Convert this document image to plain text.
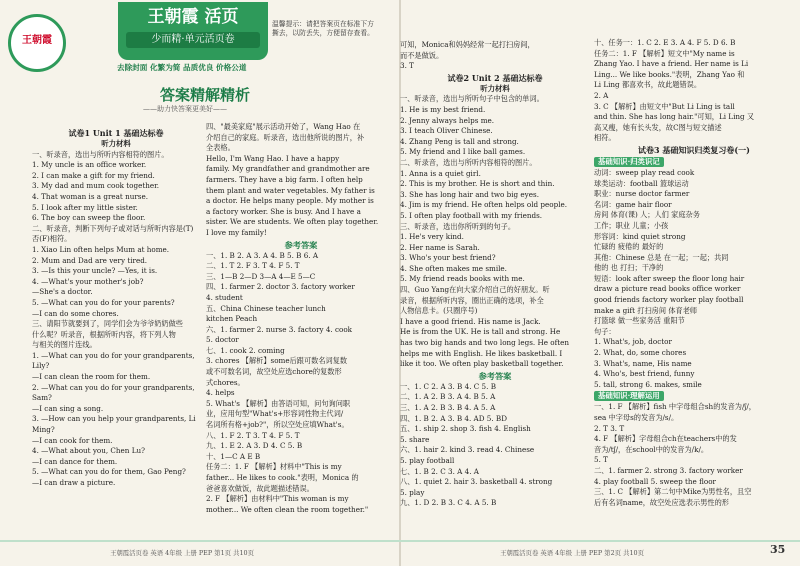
王朝霞
王朝霞 活页
少而精·单元活页卷
去除封面 化繁为简 品质优良 价格公道
温馨提示：请把答案页在标准下方撕去，以防丢失，方便留存查看。
答案精解精析
——助力快答案更美好——

试卷1 Unit 1 基础达标卷

听力材料

一、听录音，选出与所听内容相符的图片。

1. My uncle is an office worker.

2. I can make a gift for my friend.

3. My dad and mum cook together.

4. That woman is a great nurse.

5. I look after my little sister.

6. The boy can sweep the floor.

二、听录音，判断下列句子或对话与所听内容是(T)

否(F)相符。

1. Xiao Lin often helps Mum at home.

2. Mum and Dad are very tired.

3. —Is this your uncle? —Yes, it is.

4. —What's your mother's job?

—She's a doctor.

5. —What can you do for your parents?

—I can do some chores.

三、请阳节就要到了，同学们会为爷爷奶奶做些

什么呢？听录音，根据所听内容，将下列人物

与相关的图片连线。

1. —What can you do for your grandparents,

Lily?

—I can clean the room for them.

2. —What can you do for your grandparents,

Sam?

—I can sing a song.

3. —How can you help your grandparents, Li

Ming?

—I can cook for them.

4. —What about you, Chen Lu?

—I can dance for them.

5. —What can you do for them, Gao Peng?

—I can draw a picture.

四、"最美家庭"展示活动开始了，Wang Hao 在

介绍自己的家庭。听录音，选出他所说的图片，补

全表格。

Hello, I'm Wang Hao. I have a happy

family. My grandfather and grandmother are

farmers. They have a big farm. I often help

them plant and water vegetables. My father is

a doctor. He helps many people. My mother is

a factory worker. She is busy. And I have a

sister. We are students. We often play together.

I love my family!

参考答案

一、1. B 2. A 3. A 4. B 5. B 6. A

二、1. T 2. F 3. T 4. F 5. T

三、1—B 2—D 3—A 4—E 5—C

四、1. farmer 2. doctor 3. factory worker

4. student

五、China Chinese teacher lunch

kitchen Peach

六、1. farmer 2. nurse 3. factory 4. cook

5. doctor

七、1. cook 2. coming

3. chores 【解析】some后跟可数名词复数

或不可数名词，故空处应选chore的复数形

式chores。

4. helps

5. What's 【解析】由答语可知，问句询问职

业，应用句型"What's+形容词性物主代词/

名词所有格+job?"，所以空处应填What's。

八、1. F 2. T 3. T 4. F 5. T

九、1. E 2. A 3. D 4. C 5. B

十、1—C A E B

任务二：1. F 【解析】材料中"This is my

father... He likes to cook."表明，Monica 的

爸爸喜欢做饭，故此题描述错误。

2. F 【解析】由材料中"This woman is my

mother... We often clean the room together."

可知，Monica和妈妈经常一起打扫房间，

而不是做饭。

3. T

试卷2 Unit 2 基础达标卷

听力材料

一、听录音，选出与所听句子中包含的单词。

1. He is my best friend.

2. Jenny always helps me.

3. I teach Oliver Chinese.

4. Zhang Peng is tall and strong.

5. My friend and I like ball games.

二、听录音，选出与所听内容相符的图片。

1. Anna is a quiet girl.

2. This is my brother. He is short and thin.

3. She has long hair and two big eyes.

4. Jim is my friend. He often helps old people.

5. I often play football with my friends.

三、听录音，选出你所听到的句子。

1. He's very kind.

2. Her name is Sarah.

3. Who's your best friend?

4. She often makes me smile.

5. My friend reads books with me.

四、Guo Yang在向大家介绍自己的好朋友。听

录音，根据所听内容，圈出正确的选项，补全

人物信息卡。(只圈序号)

I have a good friend. His name is Jack.

He is from the UK. He is tall and strong. He

has two big hands and two long legs. He often

helps me with English. He likes basketball. I

like it too. We often play basketball together.

参考答案

一、1. C 2. A 3. B 4. C 5. B

二、1. A 2. B 3. A 4. B 5. A

三、1. A 2. B 3. B 4. A 5. A

四、1. B 2. A 3. B 4. AD 5. BD

五、1. ship 2. shop 3. fish 4. English

5. share

六、1. hair 2. kind 3. read 4. Chinese

5. play football

七、1. B 2. C 3. A 4. A

八、1. quiet 2. hair 3. basketball 4. strong

5. play

九、1. D 2. B 3. C 4. A 5. B

十、任务一：1. C 2. E 3. A 4. F 5. D 6. B

任务二：1. F 【解析】短文中"My name is

Zhang Yao. I have a friend. Her name is Li

Ling... We like books."表明，Zhang Yao 和

Li Ling 都喜欢书，故此题错误。

2. A

3. C 【解析】由短文中"But Li Ling is tall

and thin. She has long hair."可知，Li Ling 又

高又瘦，她有长头发，故C图与短文描述

相符。

试卷3 基础知识归类复习卷(一)

基础知识·归类识记

动词：sweep play read cook

球类运动：football 篮球运动

职业：nurse doctor farmer

名词：game hair floor

房间 体育(课) 人；人们 家庭杂务

工作；职业 儿童；小孩

形容词：kind quiet strong

忙碌的 疲倦的 最好的

其他：Chinese 总是 在一起；一起；共同

他的 也 打扫；干净的

短语：look after sweep the floor long hair

draw a picture read books office worker

good friends factory worker play football

make a gift 打扫房间 体育老师

打篮球 做一些家务活 重阳节

句子：

1. What's, job, doctor

2. What, do, some chores

3. What's, name, His name

4. Who's, best friend, funny

5. tall, strong 6. makes, smile

基础知识·理解运用

一、1. F 【解析】fish 中字母组合sh的发音为/ʃ/，

sea 中字母s的发音为/s/。

2. T 3. T

4. F 【解析】字母组合ch在teachers中的发

音为/tʃ/，在school中的发音为/k/。

5. T

二、1. farmer 2. strong 3. factory worker

4. play football 5. sweep the floor

三、1. C 【解析】第二句中Mike为男性名，且空

后有名词name，故空处应选表示男性的形

王朝霞活页卷 英语 4年级 上册 PEP 第1页 共10页	王朝霞活页卷 英语 4年级 上册 PEP 第2页 共10页	35
